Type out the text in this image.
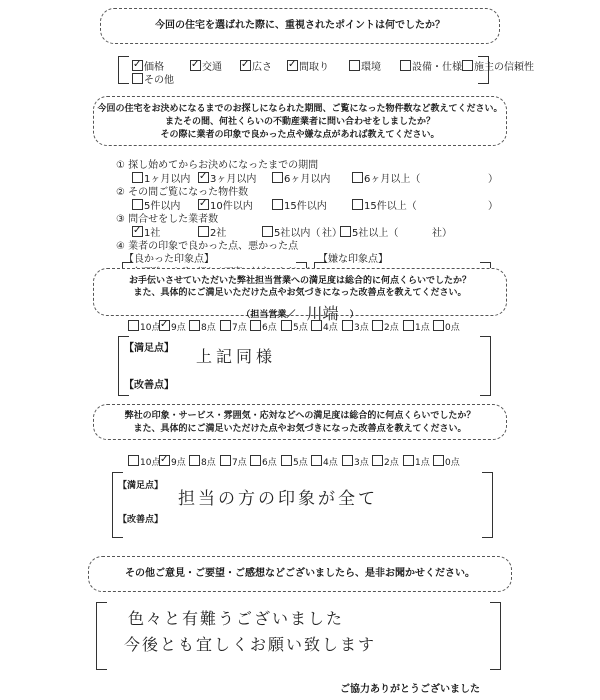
今回の住宅を選ばれた際に、重視されたポイントは何でしたか？
✓価格 ✓	交通 ✓	広さ ✓	間取り	環境	設備・仕様	施主の信頼性
その他
今回の住宅をお決めになるまでのお探しになられた期間、ご覧になった物件数など教えてください。
またその間、何社くらいの不動産業者に問い合わせをしましたか？
その際に業者の印象で良かった点や嫌な点があれば教えてください。
① 探し始めてからお決めになったまでの期間
1ヶ月以内 ✓	3ヶ月以内	6ヶ月以内	6ヶ月以上（	）
② その間ご覧になった物件数
5件以内 ✓	10件以内	15件以内	15件以上（	）
③ 問合せをした業者数
✓1社	2社	5社以内（	5社以上（
社）	社）
④ 業者の印象で良かった点、悪かった点
【良かった印象点】	【嫌な印象点】
お手伝いさせていただいた弊社担当営業への満足度は総合的に何点くらいでしたか？
また、具体的にご満足いただけた点やお気づきになった改善点を教えてください。
（担当営業／ 川端 ）
10点 ✓	9点	8点	7点	6点	5点	4点	3点	2点	1点	0点
【満足点】 上記同様
【改善点】
弊社の印象・サービス・雰囲気・応対などへの満足度は総合的に何点くらいでしたか？
また、具体的にご満足いただけた点やお気づきになった改善点を教えてください。
10点 ✓	9点	8点	7点	6点	5点	4点	3点	2点	1点	0点
【満足点】
担当の方の印象が全て
【改善点】
その他ご意見・ご要望・ご感想などございましたら、是非お聞かせください。
色々と有難うございました
今後とも宜しくお願い致します
ご協力ありがとうございました
